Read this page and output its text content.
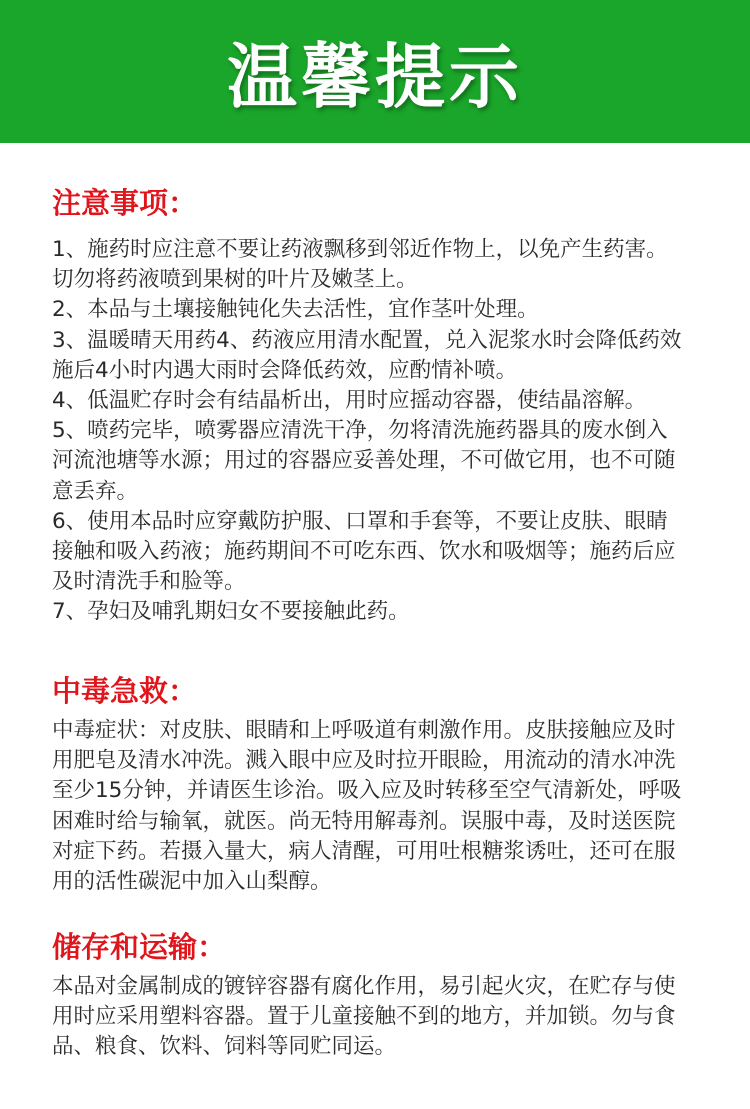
温馨提示
注意事项：

1、施药时应注意不要让药液飘移到邻近作物上，以免产生药害。

切勿将药液喷到果树的叶片及嫩茎上。

2、本品与土壤接触钝化失去活性，宜作茎叶处理。

3、温暖晴天用药4、药液应用清水配置，兑入泥浆水时会降低药效

施后4小时内遇大雨时会降低药效，应酌情补喷。

4、低温贮存时会有结晶析出，用时应摇动容器，使结晶溶解。

5、喷药完毕，喷雾器应清洗干净，勿将清洗施药器具的废水倒入

河流池塘等水源；用过的容器应妥善处理，不可做它用，也不可随

意丢弃。

6、使用本品时应穿戴防护服、口罩和手套等，不要让皮肤、眼睛

接触和吸入药液；施药期间不可吃东西、饮水和吸烟等；施药后应

及时清洗手和脸等。

7、孕妇及哺乳期妇女不要接触此药。

中毒急救：

中毒症状：对皮肤、眼睛和上呼吸道有刺激作用。皮肤接触应及时

用肥皂及清水冲洗。溅入眼中应及时拉开眼睑，用流动的清水冲洗

至少15分钟，并请医生诊治。吸入应及时转移至空气清新处，呼吸

困难时给与输氧，就医。尚无特用解毒剂。误服中毒，及时送医院

对症下药。若摄入量大，病人清醒，可用吐根糖浆诱吐，还可在服

用的活性碳泥中加入山梨醇。

储存和运输：

本品对金属制成的镀锌容器有腐化作用，易引起火灾，在贮存与使

用时应采用塑料容器。置于儿童接触不到的地方，并加锁。勿与食

品、粮食、饮料、饲料等同贮同运。
